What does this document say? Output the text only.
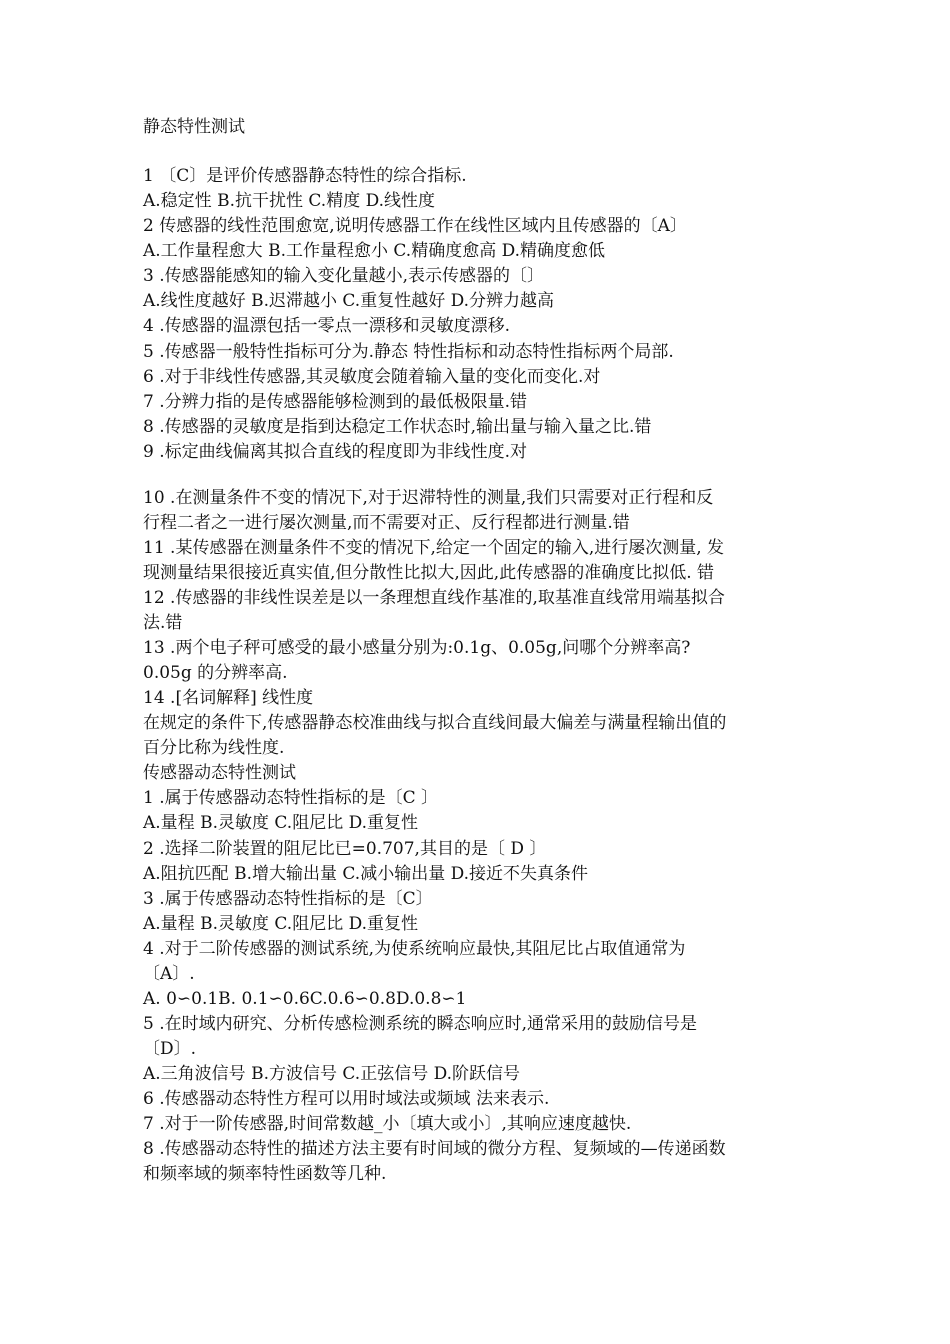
静态特性测试
1 〔C〕是评价传感器静态特性的综合指标.
A.稳定性 B.抗干扰性 C.精度 D.线性度
2 传感器的线性范围愈宽,说明传感器工作在线性区域内且传感器的〔A〕
A.工作量程愈大 B.工作量程愈小 C.精确度愈高 D.精确度愈低
3 .传感器能感知的输入变化量越小,表示传感器的〔〕
A.线性度越好 B.迟滞越小 C.重复性越好 D.分辨力越高
4 .传感器的温漂包括一零点一漂移和灵敏度漂移.
5 .传感器一般特性指标可分为.静态 特性指标和动态特性指标两个局部.
6 .对于非线性传感器,其灵敏度会随着输入量的变化而变化.对
7 .分辨力指的是传感器能够检测到的最低极限量.错
8 .传感器的灵敏度是指到达稳定工作状态时,输出量与输入量之比.错
9 .标定曲线偏离其拟合直线的程度即为非线性度.对
10 .在测量条件不变的情况下,对于迟滞特性的测量,我们只需要对正行程和反
行程二者之一进行屡次测量,而不需要对正、反行程都进行测量.错
11 .某传感器在测量条件不变的情况下,给定一个固定的输入,进行屡次测量, 发
现测量结果很接近真实值,但分散性比拟大,因此,此传感器的准确度比拟低. 错
12 .传感器的非线性误差是以一条理想直线作基准的,取基准直线常用端基拟合
法.错
13 .两个电子秤可感受的最小感量分别为:0.1g、0.05g,问哪个分辨率高?
0.05g 的分辨率高.
14 .[名词解释] 线性度
在规定的条件下,传感器静态校准曲线与拟合直线间最大偏差与满量程输出值的
百分比称为线性度.
传感器动态特性测试
1 .属于传感器动态特性指标的是〔C 〕
A.量程 B.灵敏度 C.阻尼比 D.重复性
2 .选择二阶装置的阻尼比已=0.707,其目的是〔 D 〕
A.阻抗匹配 B.增大输出量 C.减小输出量 D.接近不失真条件
3 .属于传感器动态特性指标的是〔C〕
A.量程 B.灵敏度 C.阻尼比 D.重复性
4 .对于二阶传感器的测试系统,为使系统响应最快,其阻尼比占取值通常为
〔A〕.
A. 0∽0.1B. 0.1∽0.6C.0.6∽0.8D.0.8∽1
5 .在时域内研究、分析传感检测系统的瞬态响应时,通常采用的鼓励信号是
〔D〕.
A.三角波信号 B.方波信号 C.正弦信号 D.阶跃信号
6 .传感器动态特性方程可以用时域法或频域 法来表示.
7 .对于一阶传感器,时间常数越_小〔填大或小〕,其响应速度越快.
8 .传感器动态特性的描述方法主要有时间域的微分方程、复频域的—传递函数
和频率域的频率特性函数等几种.
